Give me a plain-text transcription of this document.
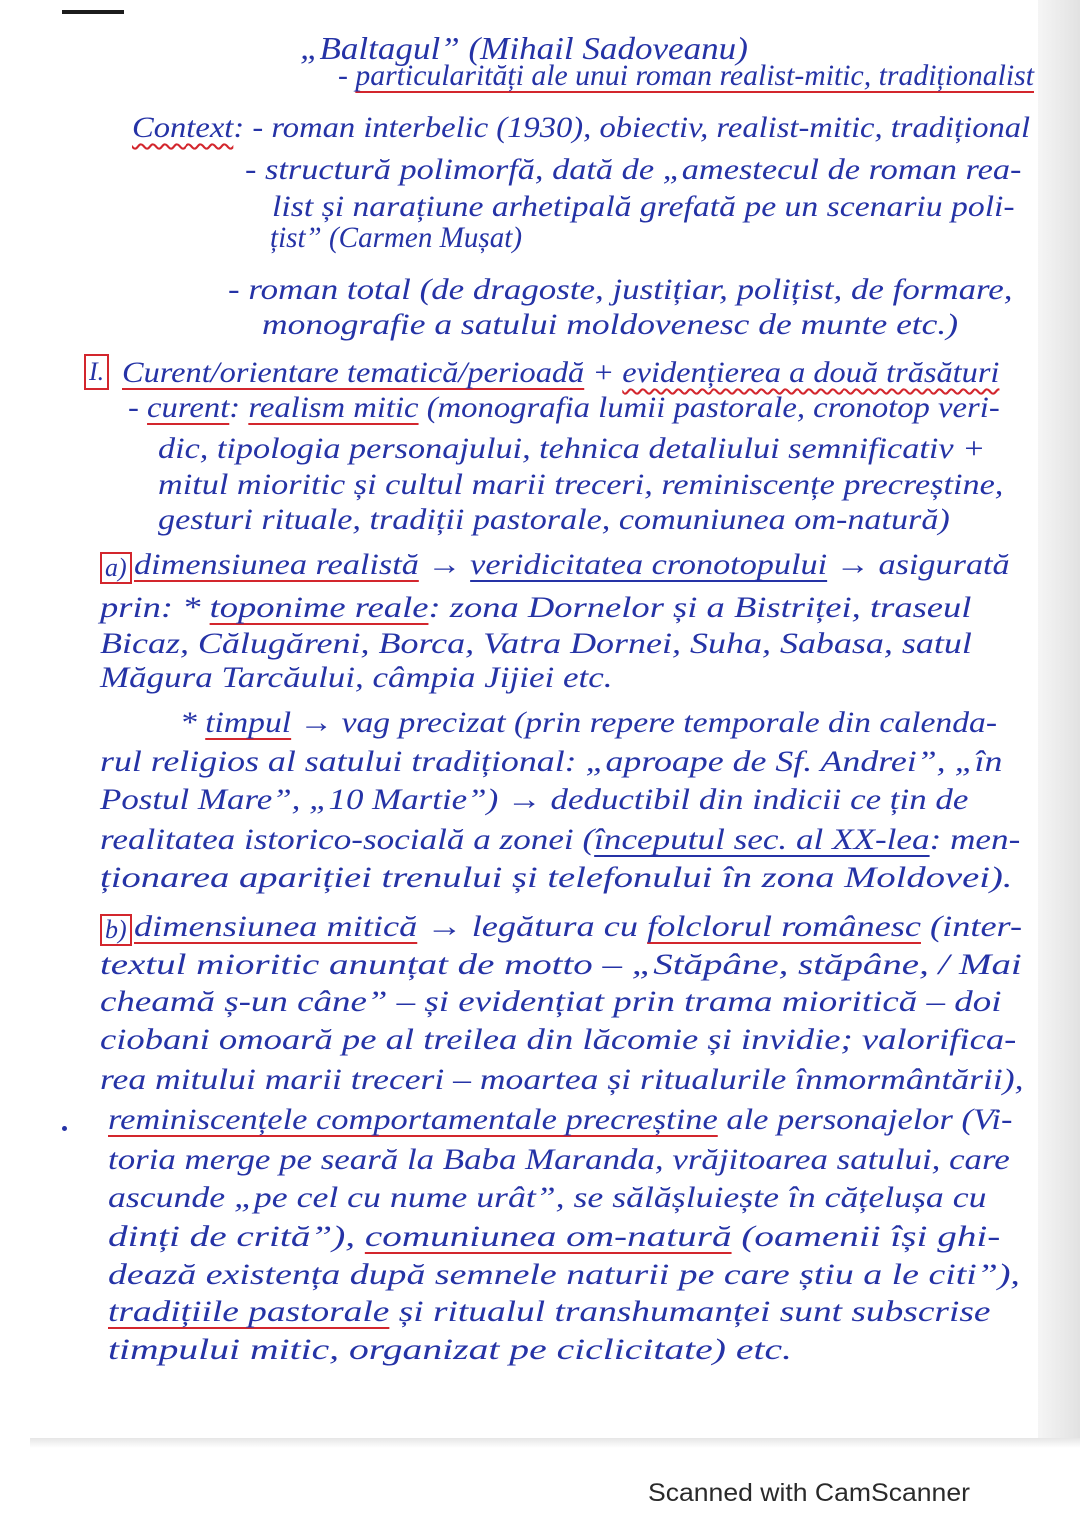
„Baltagul” (Mihail Sadoveanu)
- particularități ale unui roman realist-mitic, tradiționalist
Context: - roman interbelic (1930), obiectiv, realist-mitic, tradițional
- structură polimorfă, dată de „amestecul de roman rea-
list și narațiune arhetipală grefată pe un scenariu poli-
țist” (Carmen Mușat)
- roman total (de dragoste, justițiar, polițist, de formare,
monografie a satului moldovenesc de munte etc.)
I. Curent/orientare tematică/perioadă + evidențierea a două trăsături
- curent: realism mitic (monografia lumii pastorale, cronotop veri-
dic, tipologia personajului, tehnica detaliului semnificativ +
mitul mioritic și cultul marii treceri, reminiscențe precreștine,
gesturi rituale, tradiții pastorale, comuniunea om-natură)
a) dimensiunea realistă → veridicitatea cronotopului → asigurată
prin: * toponime reale: zona Dornelor și a Bistriței, traseul
Bicaz, Călugăreni, Borca, Vatra Dornei, Suha, Sabasa, satul
Măgura Tarcăului, câmpia Jijiei etc.
* timpul → vag precizat (prin repere temporale din calenda-
rul religios al satului tradițional: „aproape de Sf. Andrei”, „în
Postul Mare”, „10 Martie”) → deductibil din indicii ce țin de
realitatea istorico-socială a zonei (începutul sec. al XX-lea: men-
ționarea apariției trenului și telefonului în zona Moldovei).
b) dimensiunea mitică → legătura cu folclorul românesc (inter-
textul mioritic anunțat de motto – „Stăpâne, stăpâne, / Mai
cheamă ș-un câne” – și evidențiat prin trama mioritică – doi
ciobani omoară pe al treilea din lăcomie și invidie; valorifica-
rea mitului marii treceri – moartea și ritualurile înmormântării),
reminiscențele comportamentale precreștine ale personajelor (Vi-
toria merge pe seară la Baba Maranda, vrăjitoarea satului, care
ascunde „pe cel cu nume urât”, se sălășluiește în cățelușa cu
dinți de crită”), comuniunea om-natură (oamenii își ghi-
dează existența după semnele naturii pe care știu a le citi”),
tradițiile pastorale și ritualul transhumanței sunt subscrise
timpului mitic, organizat pe ciclicitate) etc.
Scanned with CamScanner
